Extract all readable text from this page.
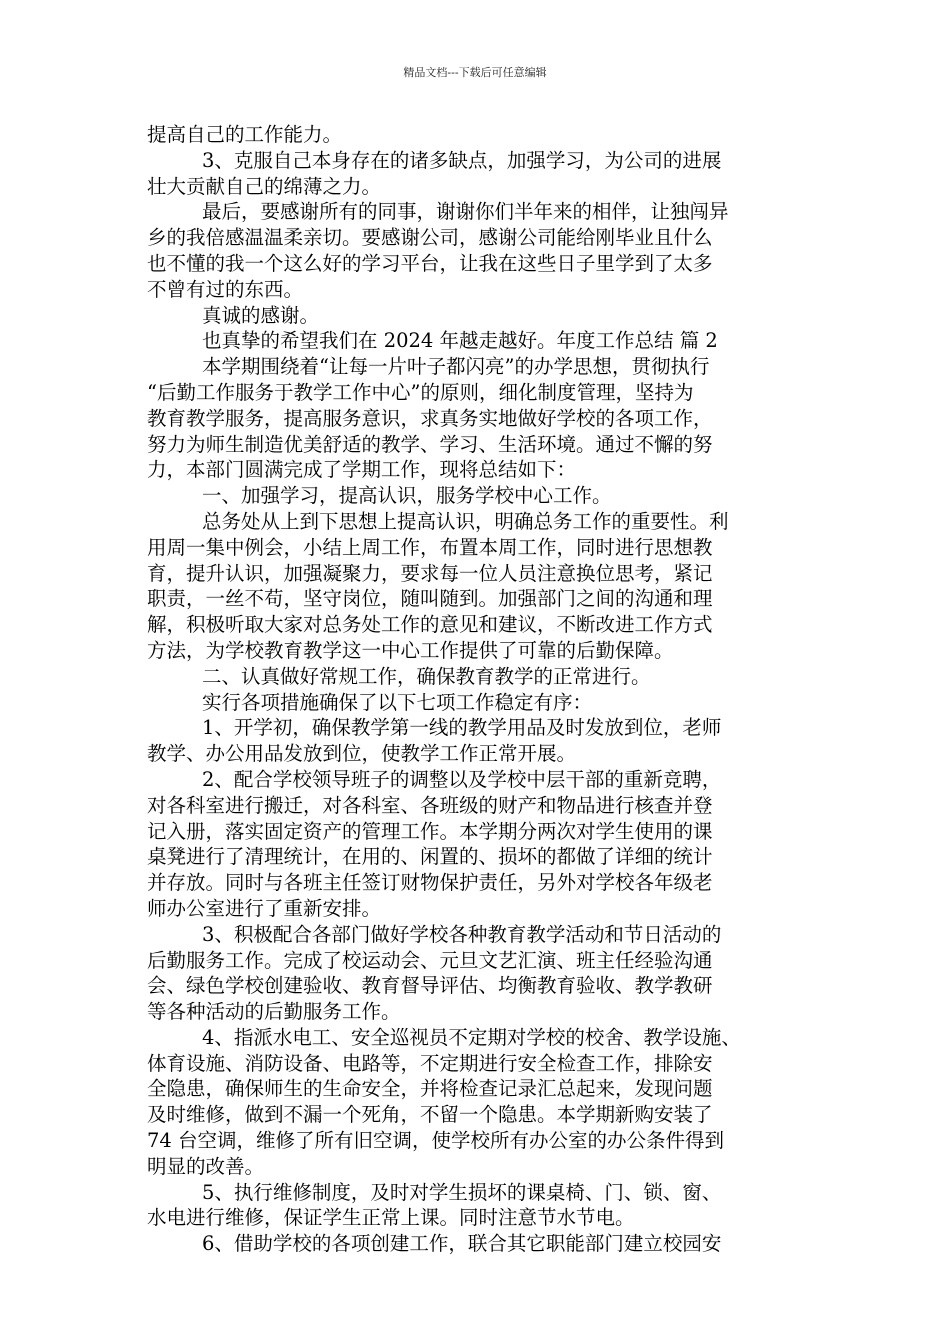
精品文档---下载后可任意编辑
提高自己的工作能力。
3、克服自己本身存在的诸多缺点，加强学习，为公司的进展
壮大贡献自己的绵薄之力。
最后，要感谢所有的同事，谢谢你们半年来的相伴，让独闯异
乡的我倍感温温柔亲切。要感谢公司，感谢公司能给刚毕业且什么
也不懂的我一个这么好的学习平台，让我在这些日子里学到了太多
不曾有过的东西。
真诚的感谢。
也真挚的希望我们在 2024 年越走越好。年度工作总结 篇 2
本学期围绕着“让每一片叶子都闪亮”的办学思想，贯彻执行
“后勤工作服务于教学工作中心”的原则，细化制度管理，坚持为
教育教学服务，提高服务意识，求真务实地做好学校的各项工作，
努力为师生制造优美舒适的教学、学习、生活环境。通过不懈的努
力，本部门圆满完成了学期工作，现将总结如下：
一、加强学习，提高认识，服务学校中心工作。
总务处从上到下思想上提高认识，明确总务工作的重要性。利
用周一集中例会，小结上周工作，布置本周工作，同时进行思想教
育，提升认识，加强凝聚力，要求每一位人员注意换位思考，紧记
职责，一丝不苟，坚守岗位，随叫随到。加强部门之间的沟通和理
解，积极听取大家对总务处工作的意见和建议，不断改进工作方式
方法，为学校教育教学这一中心工作提供了可靠的后勤保障。
二、认真做好常规工作，确保教育教学的正常进行。
实行各项措施确保了以下七项工作稳定有序：
1、开学初，确保教学第一线的教学用品及时发放到位，老师
教学、办公用品发放到位，使教学工作正常开展。
2、配合学校领导班子的调整以及学校中层干部的重新竞聘，
对各科室进行搬迁，对各科室、各班级的财产和物品进行核查并登
记入册，落实固定资产的管理工作。本学期分两次对学生使用的课
桌凳进行了清理统计，在用的、闲置的、损坏的都做了详细的统计
并存放。同时与各班主任签订财物保护责任，另外对学校各年级老
师办公室进行了重新安排。
3、积极配合各部门做好学校各种教育教学活动和节日活动的
后勤服务工作。完成了校运动会、元旦文艺汇演、班主任经验沟通
会、绿色学校创建验收、教育督导评估、均衡教育验收、教学教研
等各种活动的后勤服务工作。
4、指派水电工、安全巡视员不定期对学校的校舍、教学设施、
体育设施、消防设备、电路等，不定期进行安全检查工作，排除安
全隐患，确保师生的生命安全，并将检查记录汇总起来，发现问题
及时维修，做到不漏一个死角，不留一个隐患。本学期新购安装了
74 台空调，维修了所有旧空调，使学校所有办公室的办公条件得到
明显的改善。
5、执行维修制度，及时对学生损坏的课桌椅、门、锁、窗、
水电进行维修，保证学生正常上课。同时注意节水节电。
6、借助学校的各项创建工作，联合其它职能部门建立校园安
